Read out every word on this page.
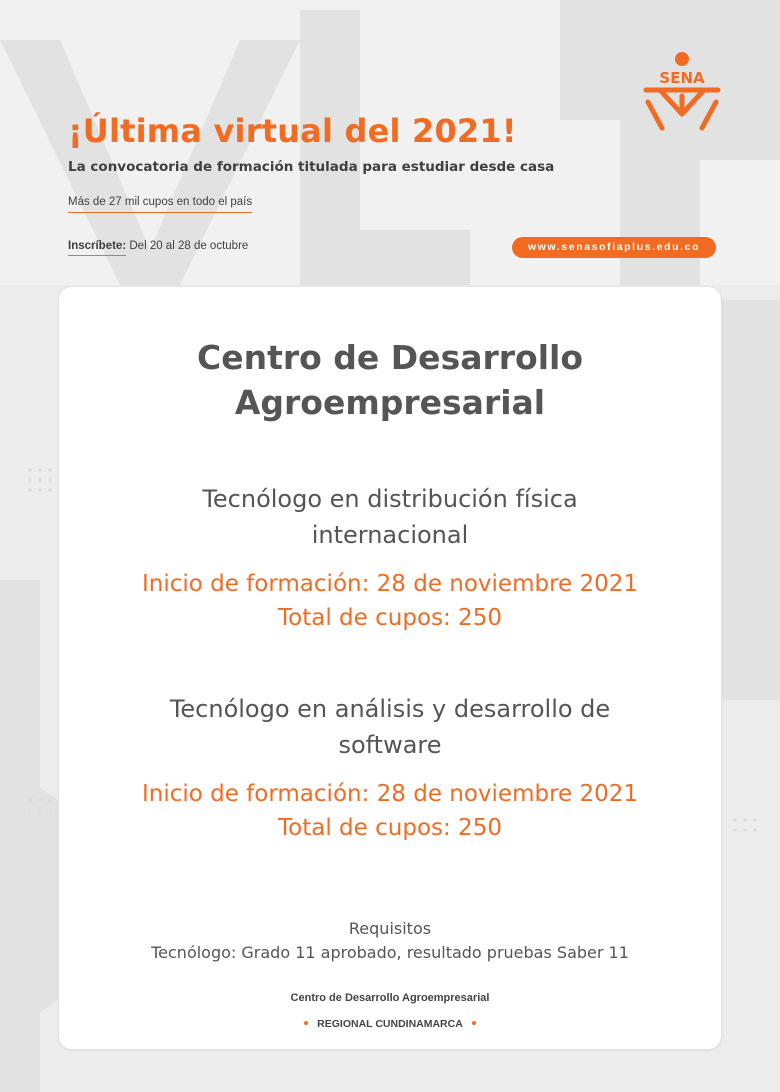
SENA
¡Última virtual del 2021!

La convocatoria de formación titulada para estudiar desde casa

Más de 27 mil cupos en todo el país
Inscríbete: Del 20 al 28 de octubre	www.senasofiaplus.edu.co
Centro de Desarrollo
Agroempresarial

Tecnólogo en distribución física
internacional

Inicio de formación: 28 de noviembre 2021

Total de cupos: 250

Tecnólogo en análisis y desarrollo de
software

Inicio de formación: 28 de noviembre 2021

Total de cupos: 250

Requisitos
Tecnólogo: Grado 11 aprobado, resultado pruebas Saber 11
Centro de Desarrollo Agroempresarial
REGIONAL CUNDINAMARCA
